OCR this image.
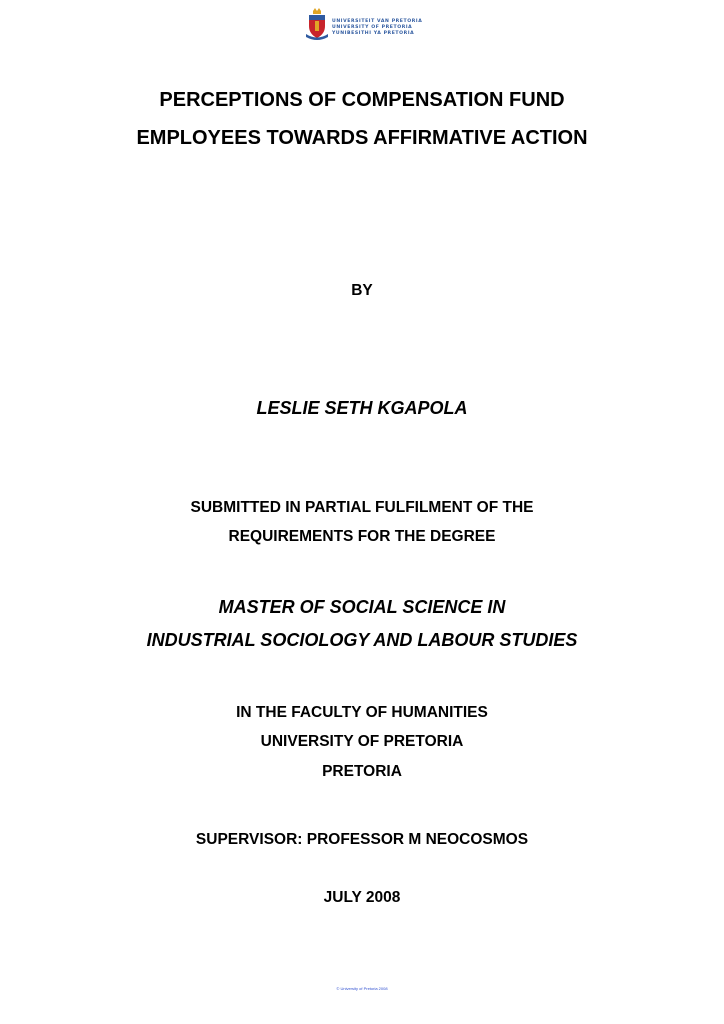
UNIVERSITEIT VAN PRETORIA
UNIVERSITY OF PRETORIA
YUNIBESITHI YA PRETORIA
PERCEPTIONS OF COMPENSATION FUND
EMPLOYEES TOWARDS AFFIRMATIVE ACTION
BY
LESLIE SETH KGAPOLA
SUBMITTED IN PARTIAL FULFILMENT OF THE
REQUIREMENTS FOR THE DEGREE
MASTER OF SOCIAL SCIENCE IN
INDUSTRIAL SOCIOLOGY AND LABOUR STUDIES
IN THE FACULTY OF HUMANITIES
UNIVERSITY OF PRETORIA
PRETORIA
SUPERVISOR: PROFESSOR M NEOCOSMOS
JULY 2008
© University of Pretoria 2008
